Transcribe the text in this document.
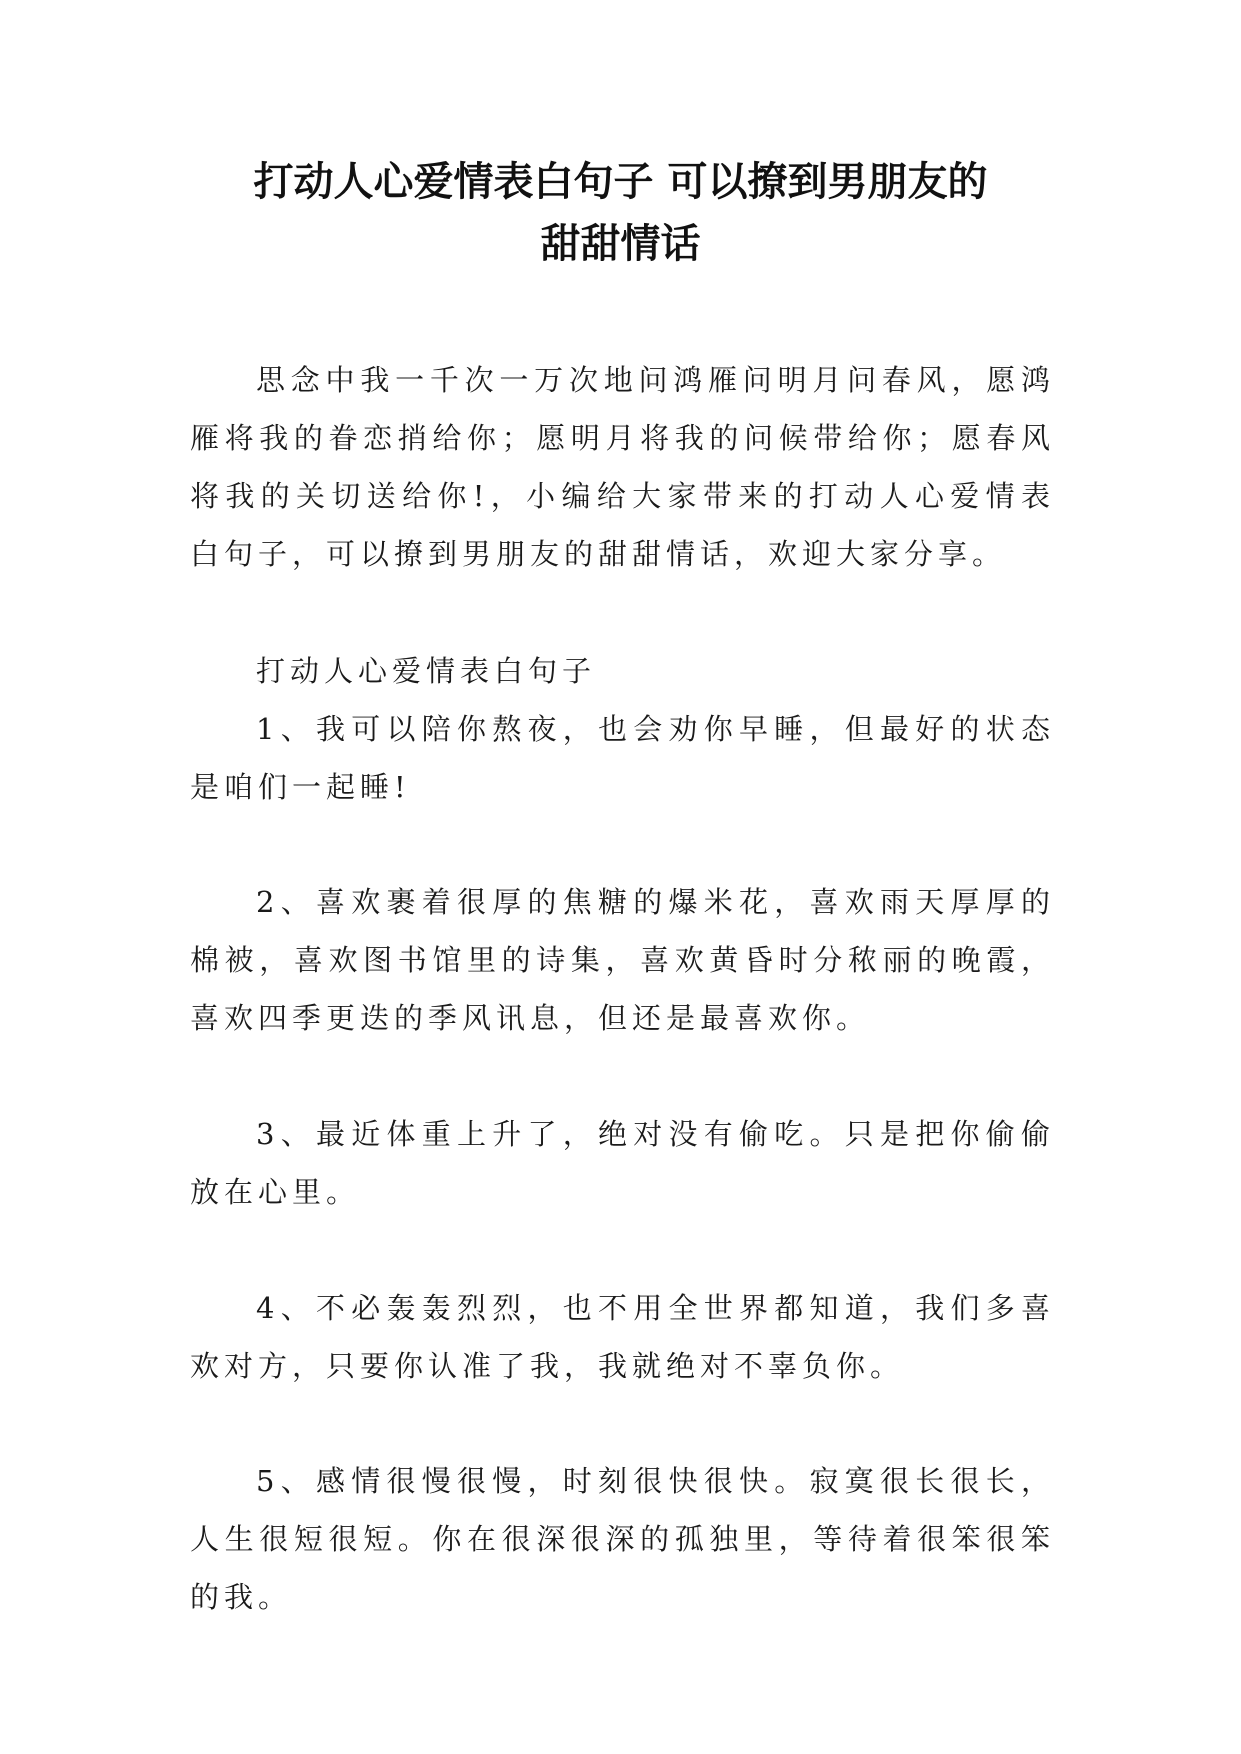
打动人心爱情表白句子 可以撩到男朋友的
甜甜情话

思念中我一千次一万次地问鸿雁问明月问春风，愿鸿雁将我的眷恋捎给你；愿明月将我的问候带给你；愿春风将我的关切送给你!，小编给大家带来的打动人心爱情表白句子，可以撩到男朋友的甜甜情话，欢迎大家分享。

打动人心爱情表白句子

1、我可以陪你熬夜，也会劝你早睡，但最好的状态是咱们一起睡!

2、喜欢裹着很厚的焦糖的爆米花，喜欢雨天厚厚的棉被，喜欢图书馆里的诗集，喜欢黄昏时分秾丽的晚霞，喜欢四季更迭的季风讯息，但还是最喜欢你。

3、最近体重上升了，绝对没有偷吃。只是把你偷偷放在心里。

4、不必轰轰烈烈，也不用全世界都知道，我们多喜欢对方，只要你认准了我，我就绝对不辜负你。

5、感情很慢很慢，时刻很快很快。寂寞很长很长，人生很短很短。你在很深很深的孤独里，等待着很笨很笨的我。
